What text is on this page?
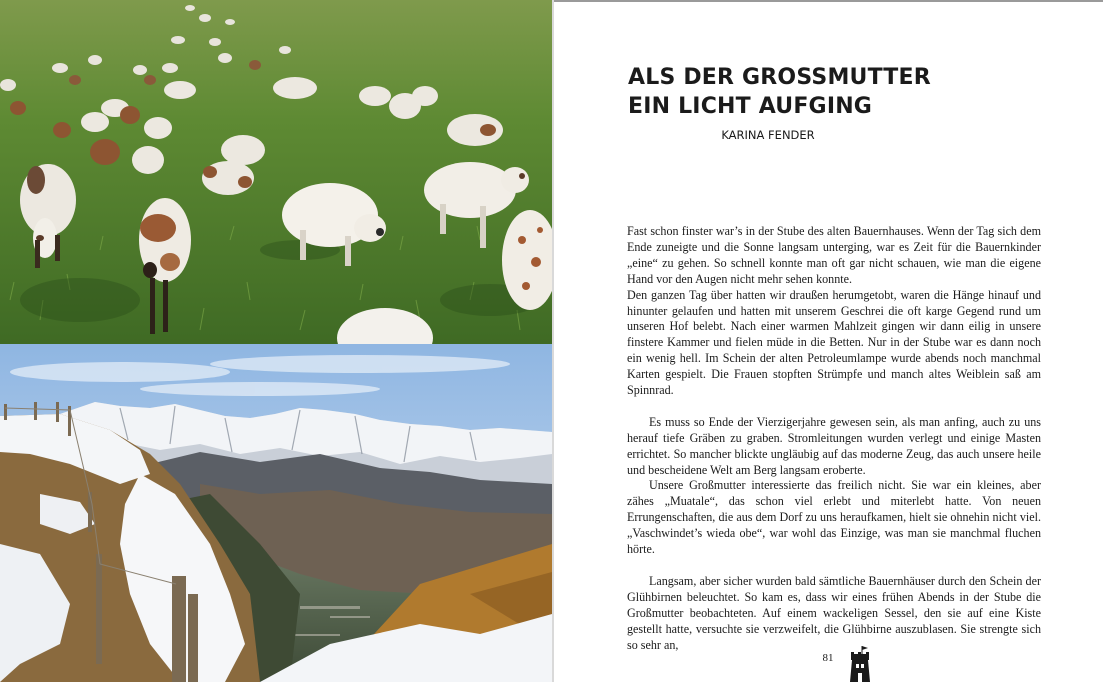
ALS DER GROSSMUTTER
EIN LICHT AUFGING
KARINA FENDER

Fast schon finster war’s in der Stube des alten Bauernhauses. Wenn der Tag sich dem Ende zuneigte und die Sonne langsam unterging, war es Zeit für die Bauernkinder „eine“ zu gehen. So schnell konnte man oft gar nicht schauen, wie man die eigene Hand vor den Augen nicht mehr sehen konnte.

Den ganzen Tag über hatten wir draußen herumgetobt, waren die Hänge hinauf und hinunter gelaufen und hatten mit unserem Geschrei die oft karge Gegend rund um unseren Hof belebt. Nach einer warmen Mahlzeit gingen wir dann eilig in unsere finstere Kammer und fielen müde in die Betten. Nur in der Stube war es dann noch ein wenig hell. Im Schein der alten Petroleumlampe wurde abends noch manchmal Karten gespielt. Die Frauen stopften Strümpfe und manch altes Weiblein saß am Spinnrad.

Es muss so Ende der Vierzigerjahre gewesen sein, als man anfing, auch zu uns herauf tiefe Gräben zu graben. Stromleitungen wurden verlegt und einige Masten errichtet. So mancher blickte ungläubig auf das moderne Zeug, das auch unsere heile und bescheidene Welt am Berg langsam eroberte.

Unsere Großmutter interessierte das freilich nicht. Sie war ein kleines, aber zähes „Muatale“, das schon viel erlebt und miterlebt hatte. Von neuen Errungenschaften, die aus dem Dorf zu uns heraufkamen, hielt sie ohnehin nicht viel. „Vaschwindet’s wieda obe“, war wohl das Einzige, was man sie manchmal fluchen hörte.

Langsam, aber sicher wurden bald sämtliche Bauernhäuser durch den Schein der Glühbirnen beleuchtet. So kam es, dass wir eines frühen Abends in der Stube die Großmutter beobachteten. Auf einem wackeligen Sessel, den sie auf eine Kiste gestellt hatte, versuchte sie verzweifelt, die Glühbirne auszublasen. Sie strengte sich so sehr an,

81
